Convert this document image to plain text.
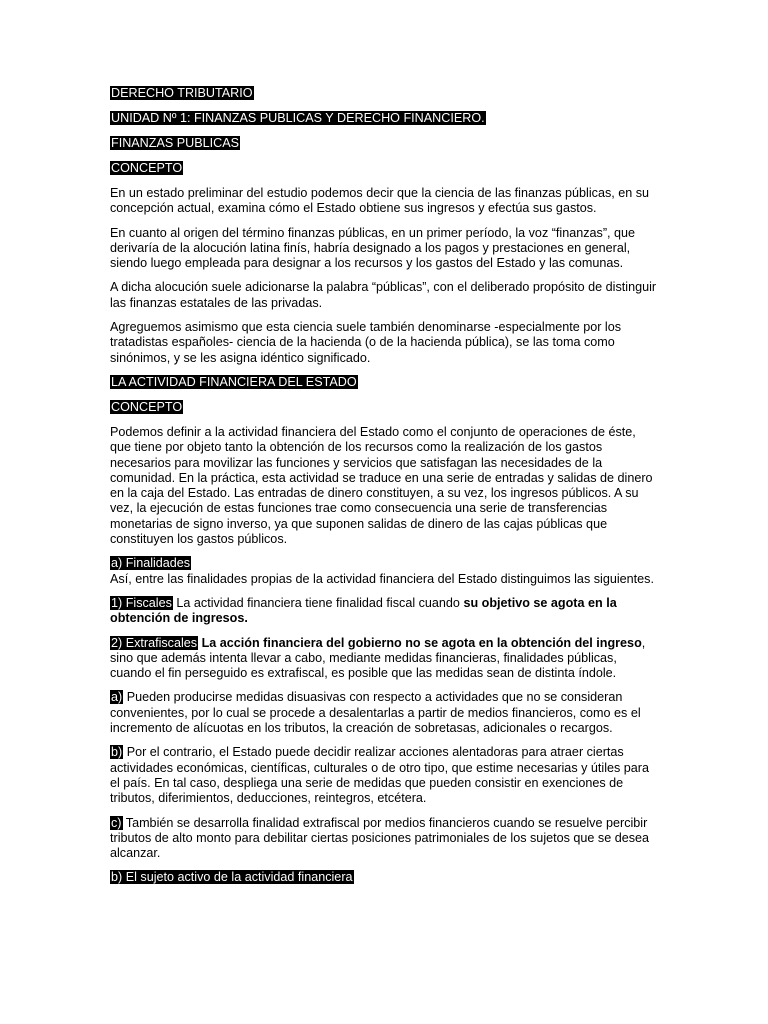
DERECHO TRIBUTARIO
UNIDAD Nº 1: FINANZAS PUBLICAS Y DERECHO FINANCIERO.
FINANZAS PUBLICAS
CONCEPTO

En un estado preliminar del estudio podemos decir que la ciencia de las finanzas públicas, en su concepción actual, examina cómo el Estado obtiene sus ingresos y efectúa sus gastos.

En cuanto al origen del término finanzas públicas, en un primer período, la voz “finanzas”, que derivaría de la alocución latina finís, habría designado a los pagos y prestaciones en general, siendo luego empleada para designar a los recursos y los gastos del Estado y las comunas.

A dicha alocución suele adicionarse la palabra “públicas”, con el deliberado propósito de distinguir las finanzas estatales de las privadas.

Agreguemos asimismo que esta ciencia suele también denominarse -especialmente por los tratadistas españoles- ciencia de la hacienda (o de la hacienda pública), se las toma como sinónimos, y se les asigna idéntico significado.

LA ACTIVIDAD FINANCIERA DEL ESTADO
CONCEPTO

Podemos definir a la actividad financiera del Estado como el conjunto de operaciones de éste, que tiene por objeto tanto la obtención de los recursos como la realización de los gastos necesarios para movilizar las funciones y servicios que satisfagan las necesidades de la comunidad. En la práctica, esta actividad se traduce en una serie de entradas y salidas de dinero en la caja del Estado. Las entradas de dinero constituyen, a su vez, los ingresos públicos. A su vez, la ejecución de estas funciones trae como consecuencia una serie de transferencias monetarias de signo inverso, ya que suponen salidas de dinero de las cajas públicas que constituyen los gastos públicos.

a) Finalidades

Así, entre las finalidades propias de la actividad financiera del Estado distinguimos las siguientes.

1) Fiscales La actividad financiera tiene finalidad fiscal cuando su objetivo se agota en la obtención de ingresos.

2) Extrafiscales La acción financiera del gobierno no se agota en la obtención del ingreso, sino que además intenta llevar a cabo, mediante medidas financieras, finalidades públicas, cuando el fin perseguido es extrafiscal, es posible que las medidas sean de distinta índole.

a) Pueden producirse medidas disuasivas con respecto a actividades que no se consideran convenientes, por lo cual se procede a desalentarlas a partir de medios financieros, como es el incremento de alícuotas en los tributos, la creación de sobretasas, adicionales o recargos.

b) Por el contrario, el Estado puede decidir realizar acciones alentadoras para atraer ciertas actividades económicas, científicas, culturales o de otro tipo, que estime necesarias y útiles para el país. En tal caso, despliega una serie de medidas que pueden consistir en exenciones de tributos, diferimientos, deducciones, reintegros, etcétera.

c) También se desarrolla finalidad extrafiscal por medios financieros cuando se resuelve percibir tributos de alto monto para debilitar ciertas posiciones patrimoniales de los sujetos que se desea alcanzar.

b) El sujeto activo de la actividad financiera
